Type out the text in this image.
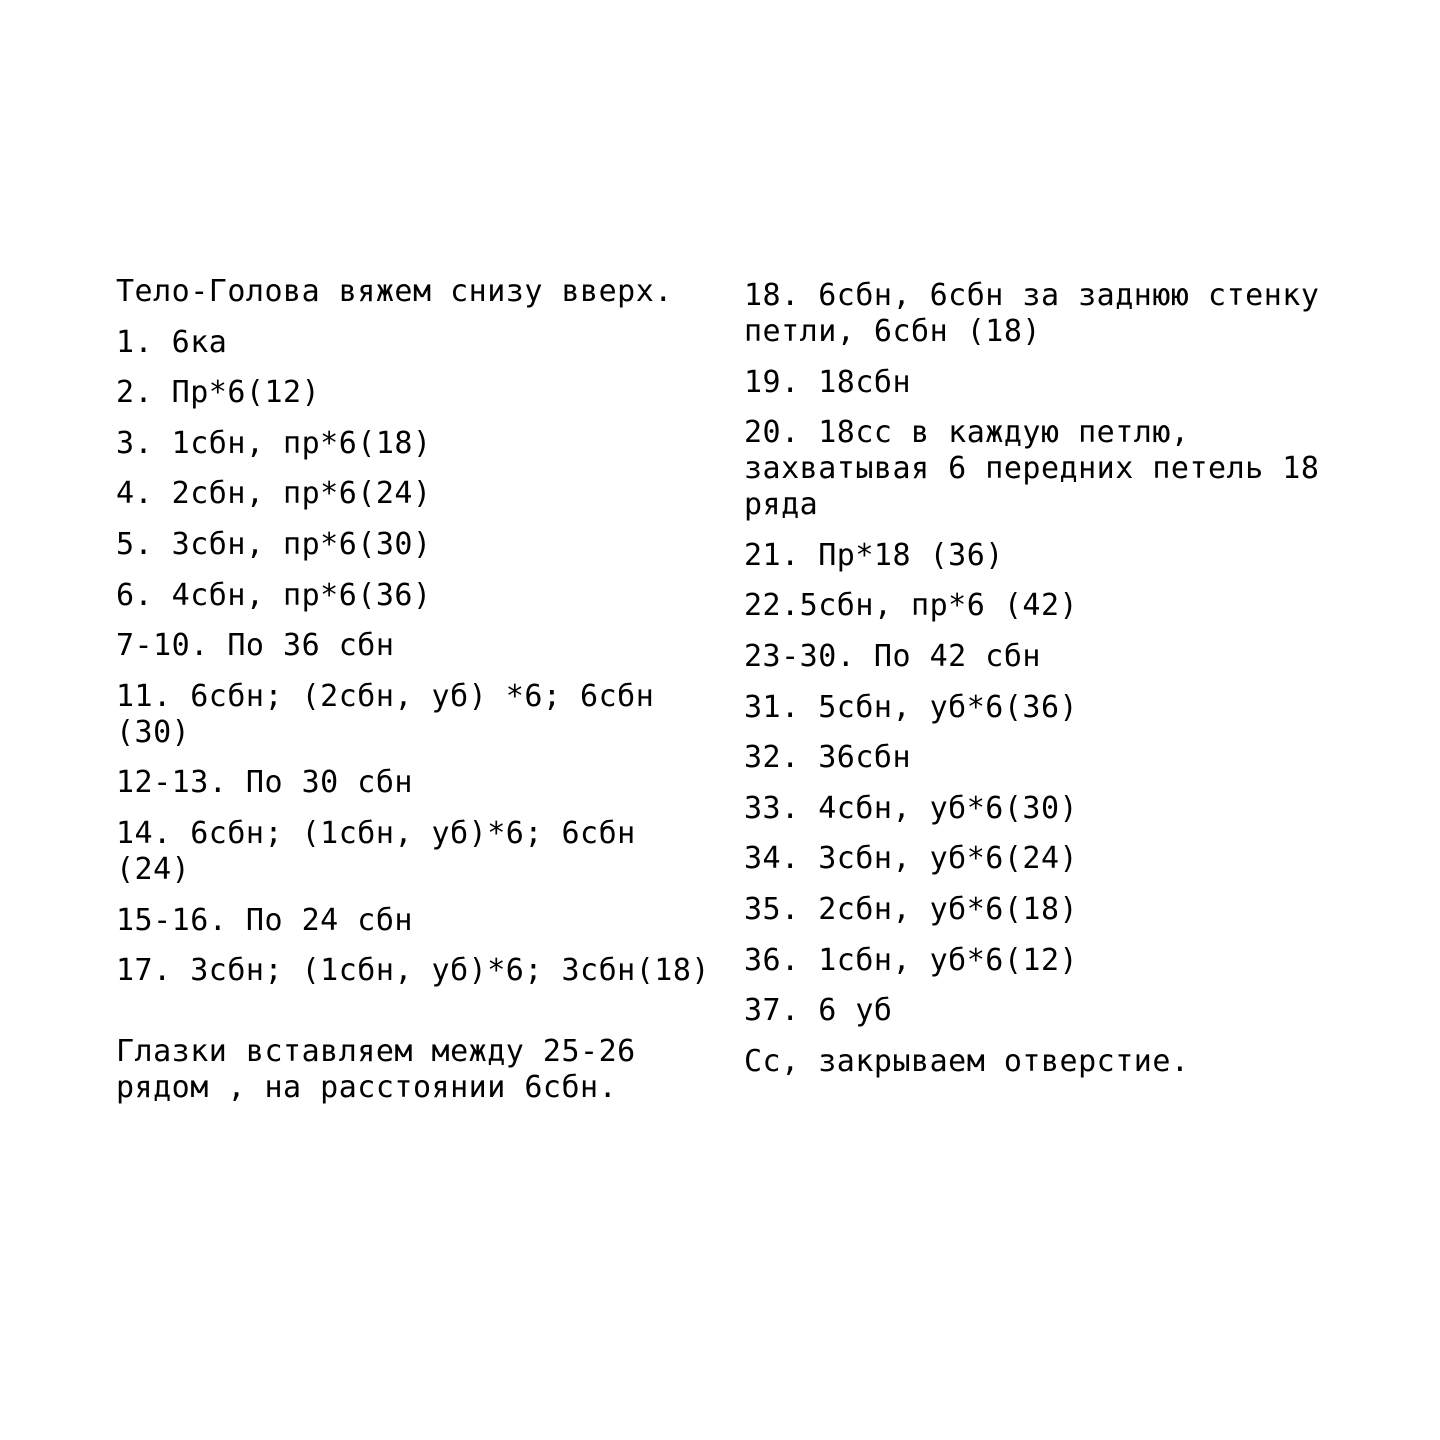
Тело-Голова вяжем снизу вверх.
1. 6ка
2. Пр*6(12)
3. 1сбн, пр*6(18)
4. 2сбн, пр*6(24)
5. 3сбн, пр*6(30)
6. 4сбн, пр*6(36)
7-10. По 36 сбн
11. 6сбн; (2сбн, уб) *6; 6сбн (30)
12-13. По 30 сбн
14. 6сбн; (1сбн, уб)*6; 6сбн (24)
15-16. По 24 сбн
17. 3сбн; (1сбн, уб)*6; 3сбн(18)
Глазки вставляем между 25-26 рядом , на расстоянии 6сбн.
18. 6сбн, 6сбн за заднюю стенку петли, 6сбн (18)
19. 18сбн
20. 18сс в каждую петлю, захватывая 6 передних петель 18 ряда
21. Пр*18 (36)
22.5сбн, пр*6 (42)
23-30. По 42 сбн
31. 5сбн, уб*6(36)
32. 36сбн
33. 4сбн, уб*6(30)
34. 3сбн, уб*6(24)
35. 2сбн, уб*6(18)
36. 1сбн, уб*6(12)
37. 6 уб
Сс, закрываем отверстие.
